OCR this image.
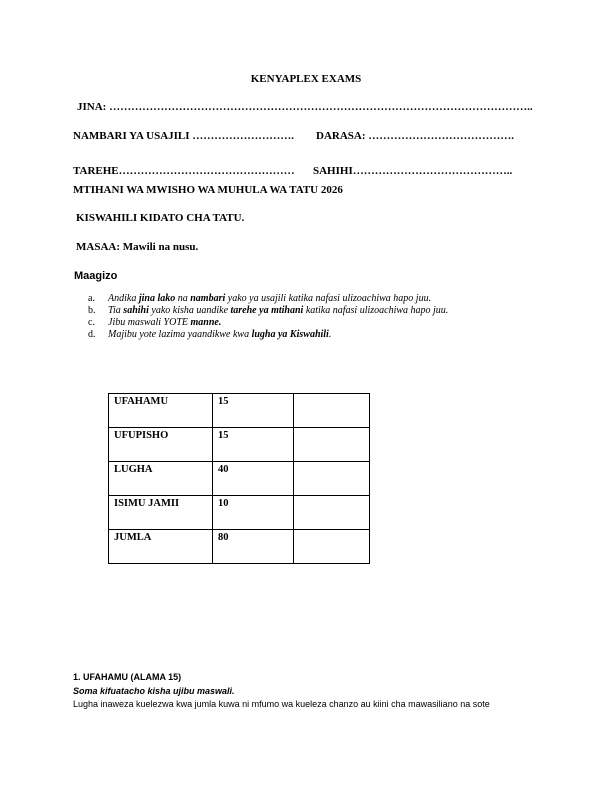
KENYAPLEX EXAMS
JINA: ……………………………………………………………………………………………………..
NAMBARI YA USAJILI ………………………. DARASA: ………………………………….
TAREHE………………………………………… SAHIHI……………………………………..
MTIHANI WA MWISHO WA MUHULA WA TATU 2026
KISWAHILI KIDATO CHA TATU.
MASAA: Mawili na nusu.
Maagizo
a. Andika jina lako na nambari yako ya usajili katika nafasi ulizoachiwa hapo juu.
b. Tia sahihi yako kisha uandike tarehe ya mtihani katika nafasi ulizoachiwa hapo juu.
c. Jibu maswali YOTE manne.
d. Majibu yote lazima yaandikwe kwa lugha ya Kiswahili.
UFAHAMU	15	
UFUPISHO	15	
LUGHA	40	
ISIMU JAMII	10	
JUMLA	80	
1. UFAHAMU (ALAMA 15)
Soma kifuatacho kisha ujibu maswali.
Lugha inaweza kuelezwa kwa jumla kuwa ni mfumo wa kueleza chanzo au kiini cha mawasiliano na sote
